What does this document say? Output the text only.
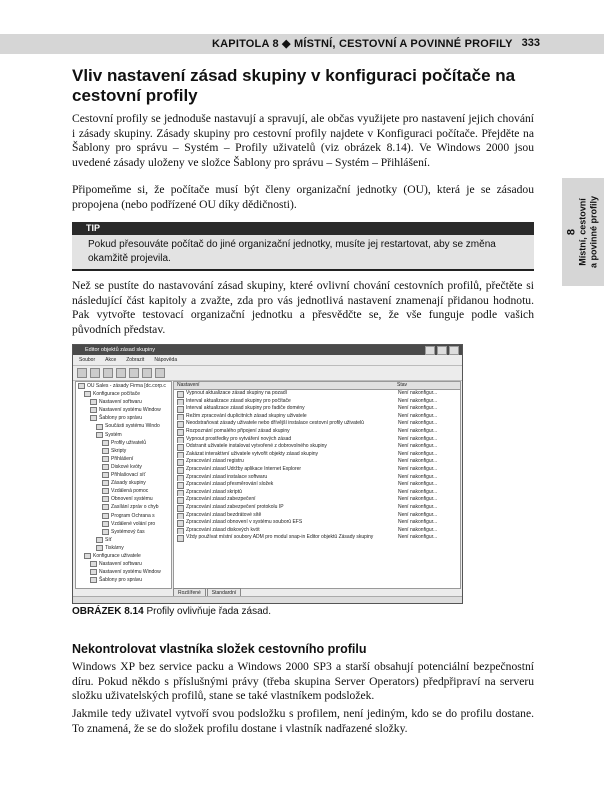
KAPITOLA 8 ◆ MÍSTNÍ, CESTOVNÍ A POVINNÉ PROFILY 333
8 Místní, cestovní a povinné profily
Vliv nastavení zásad skupiny v konfiguraci počítače na cestovní profily

Cestovní profily se jednoduše nastavují a spravují, ale občas využijete pro nastavení jejich chování i zásady skupiny. Zásady skupiny pro cestovní profily najdete v Konfiguraci počítače. Přejděte na Šablony pro správu – Systém – Profily uživatelů (viz obrázek 8.14). Ve Windows 2000 jsou uvedené zásady uloženy ve složce Šablony pro správu – Systém – Přihlášení.

Připomeňme si, že počítače musí být členy organizační jednotky (OU), která je se zásadou propojena (nebo podřízené OU díky dědičnosti).

TIP
Pokud přesouváte počítač do jiné organizační jednotky, musíte jej restartovat, aby se změna okamžitě projevila.

Než se pustíte do nastavování zásad skupiny, které ovlivní chování cestovních profilů, přečtěte si následující část kapitoly a zvažte, zda pro vás jednotlivá nastavení znamenají přidanou hodnotu. Pak vytvořte testovací organizační jednotku a přesvědčte se, že vše funguje podle vašich původních představ.

Editor objektů zásad skupiny
Soubor Akce Zobrazit Nápověda
OU Sales - zásady Firma [dc.corp.c
Konfigurace počítače
Nastavení softwaru
Nastavení systému Window
Šablony pro správu
Součásti systému Windo
Systém
Profily uživatelů
Skripty
Přihlášení
Diskové kvóty
Přihlašovací síť
Zásady skupiny
Vzdálená pomoc
Obnovení systému
Zasílání zpráv o chyb
Program Ochrana s
Vzdálené volání pro
Systémový čas
Síť
Tiskárny
Konfigurace uživatele
Nastavení softwaru
Nastavení systému Window
Šablony pro správu
Nastavení	Stav
Vypnout aktualizace zásad skupiny na pozadí	Není nakonfigur...
Interval aktualizace zásad skupiny pro počítače	Není nakonfigur...
Interval aktualizace zásad skupiny pro řadiče domény	Není nakonfigur...
Režim zpracování duplicitních zásad skupiny uživatele	Není nakonfigur...
Neodstraňovat zásady uživatele nebo dřívější instalace cestovní profily uživatelů	Není nakonfigur...
Rozpoznání pomalého připojení zásad skupiny	Není nakonfigur...
Vypnout prostředky pro vytváření nových zásad	Není nakonfigur...
Odstranit uživatele instalovat vytvořené z dobrovolného skupiny	Není nakonfigur...
Zakázat interaktivní uživatele vytvořit objekty zásad skupiny	Není nakonfigur...
Zpracování zásad registru	Není nakonfigur...
Zpracování zásad Údržby aplikace Internet Explorer	Není nakonfigur...
Zpracování zásad instalace softwaru	Není nakonfigur...
Zpracování zásad přesměrování složek	Není nakonfigur...
Zpracování zásad skriptů	Není nakonfigur...
Zpracování zásad zabezpečení	Není nakonfigur...
Zpracování zásad zabezpečení protokolu IP	Není nakonfigur...
Zpracování zásad bezdrátové sítě	Není nakonfigur...
Zpracování zásad obnovení v systému souborů EFS	Není nakonfigur...
Zpracování zásad diskových kvót	Není nakonfigur...
Vždy používat místní soubory ADM pro modul snap-in Editor objektů Zásady skupiny	Není nakonfigur...
Rozšířené	Standardní
OBRÁZEK 8.14 Profily ovlivňuje řada zásad.
Nekontrolovat vlastníka složek cestovního profilu

Windows XP bez service packu a Windows 2000 SP3 a starší obsahují potenciální bezpečnostní díru. Pokud někdo s příslušnými právy (třeba skupina Server Operators) předpřipraví na serveru složku uživatelských profilů, stane se také vlastníkem podsložek.

Jakmile tedy uživatel vytvoří svou podsložku s profilem, není jediným, kdo se do profilu dostane. To znamená, že se do složek profilu dostane i vlastník nadřazené složky.
